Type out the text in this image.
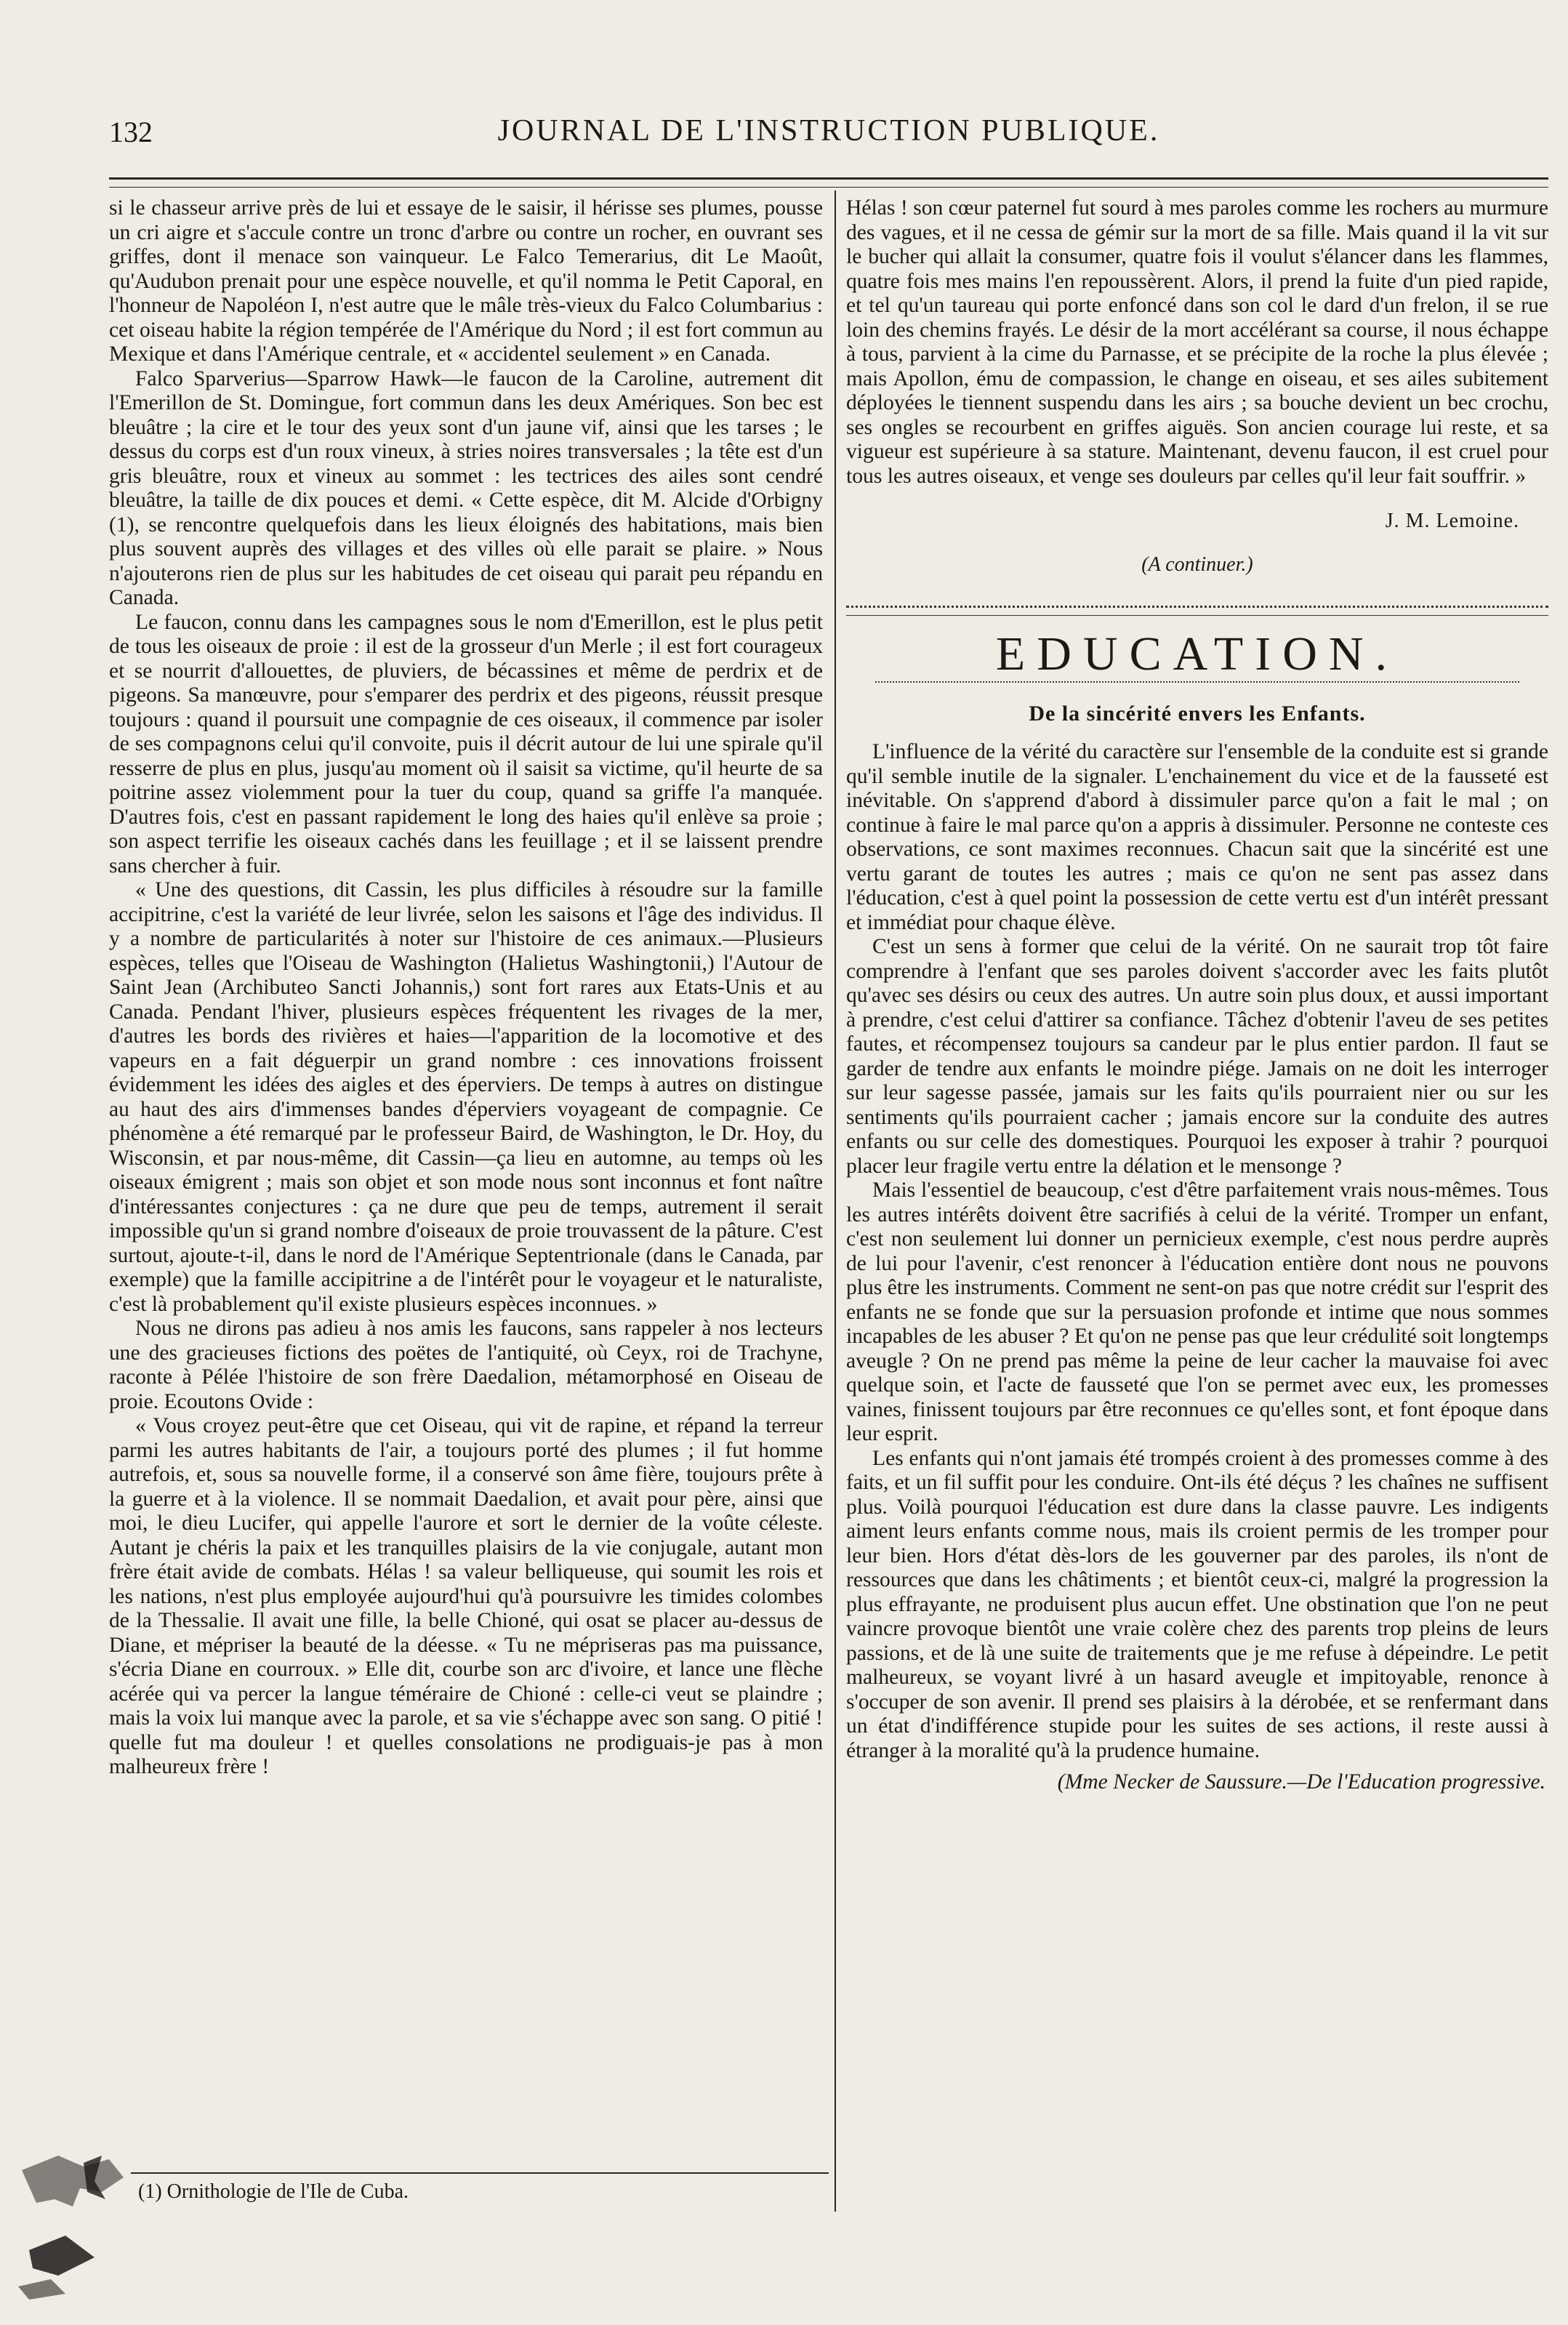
132	JOURNAL DE L'INSTRUCTION PUBLIQUE.

si le chasseur arrive près de lui et essaye de le saisir, il hérisse ses plumes, pousse un cri aigre et s'accule contre un tronc d'arbre ou contre un rocher, en ouvrant ses griffes, dont il menace son vainqueur. Le Falco Temerarius, dit Le Maoût, qu'Audubon prenait pour une espèce nouvelle, et qu'il nomma le Petit Caporal, en l'honneur de Napoléon I, n'est autre que le mâle très-vieux du Falco Columbarius : cet oiseau habite la région tempérée de l'Amérique du Nord ; il est fort commun au Mexique et dans l'Amérique centrale, et « accidentel seulement » en Canada.

Falco Sparverius—Sparrow Hawk—le faucon de la Caroline, autrement dit l'Emerillon de St. Domingue, fort commun dans les deux Amériques. Son bec est bleuâtre ; la cire et le tour des yeux sont d'un jaune vif, ainsi que les tarses ; le dessus du corps est d'un roux vineux, à stries noires transversales ; la tête est d'un gris bleuâtre, roux et vineux au sommet : les tectrices des ailes sont cendré bleuâtre, la taille de dix pouces et demi. « Cette espèce, dit M. Alcide d'Orbigny (1), se rencontre quelquefois dans les lieux éloignés des habitations, mais bien plus souvent auprès des villages et des villes où elle parait se plaire. » Nous n'ajouterons rien de plus sur les habitudes de cet oiseau qui parait peu répandu en Canada.

Le faucon, connu dans les campagnes sous le nom d'Emerillon, est le plus petit de tous les oiseaux de proie : il est de la grosseur d'un Merle ; il est fort courageux et se nourrit d'allouettes, de pluviers, de bécassines et même de perdrix et de pigeons. Sa manœuvre, pour s'emparer des perdrix et des pigeons, réussit presque toujours : quand il poursuit une compagnie de ces oiseaux, il commence par isoler de ses compagnons celui qu'il convoite, puis il décrit autour de lui une spirale qu'il resserre de plus en plus, jusqu'au moment où il saisit sa victime, qu'il heurte de sa poitrine assez violemment pour la tuer du coup, quand sa griffe l'a manquée. D'autres fois, c'est en passant rapidement le long des haies qu'il enlève sa proie ; son aspect terrifie les oiseaux cachés dans les feuillage ; et il se laissent prendre sans chercher à fuir.

« Une des questions, dit Cassin, les plus difficiles à résoudre sur la famille accipitrine, c'est la variété de leur livrée, selon les saisons et l'âge des individus. Il y a nombre de particularités à noter sur l'histoire de ces animaux.—Plusieurs espèces, telles que l'Oiseau de Washington (Halietus Washingtonii,) l'Autour de Saint Jean (Archibuteo Sancti Johannis,) sont fort rares aux Etats-Unis et au Canada. Pendant l'hiver, plusieurs espèces fréquentent les rivages de la mer, d'autres les bords des rivières et haies—l'apparition de la locomotive et des vapeurs en a fait déguerpir un grand nombre : ces innovations froissent évidemment les idées des aigles et des éperviers. De temps à autres on distingue au haut des airs d'immenses bandes d'éperviers voyageant de compagnie. Ce phénomène a été remarqué par le professeur Baird, de Washington, le Dr. Hoy, du Wisconsin, et par nous-même, dit Cassin—ça lieu en automne, au temps où les oiseaux émigrent ; mais son objet et son mode nous sont inconnus et font naître d'intéressantes conjectures : ça ne dure que peu de temps, autrement il serait impossible qu'un si grand nombre d'oiseaux de proie trouvassent de la pâture. C'est surtout, ajoute-t-il, dans le nord de l'Amérique Septentrionale (dans le Canada, par exemple) que la famille accipitrine a de l'intérêt pour le voyageur et le naturaliste, c'est là probablement qu'il existe plusieurs espèces inconnues. »

Nous ne dirons pas adieu à nos amis les faucons, sans rappeler à nos lecteurs une des gracieuses fictions des poëtes de l'antiquité, où Ceyx, roi de Trachyne, raconte à Pélée l'histoire de son frère Daedalion, métamorphosé en Oiseau de proie. Ecoutons Ovide :

« Vous croyez peut-être que cet Oiseau, qui vit de rapine, et répand la terreur parmi les autres habitants de l'air, a toujours porté des plumes ; il fut homme autrefois, et, sous sa nouvelle forme, il a conservé son âme fière, toujours prête à la guerre et à la violence. Il se nommait Daedalion, et avait pour père, ainsi que moi, le dieu Lucifer, qui appelle l'aurore et sort le dernier de la voûte céleste. Autant je chéris la paix et les tranquilles plaisirs de la vie conjugale, autant mon frère était avide de combats. Hélas ! sa valeur belliqueuse, qui soumit les rois et les nations, n'est plus employée aujourd'hui qu'à poursuivre les timides colombes de la Thessalie. Il avait une fille, la belle Chioné, qui osat se placer au-dessus de Diane, et mépriser la beauté de la déesse. « Tu ne mépriseras pas ma puissance, s'écria Diane en courroux. » Elle dit, courbe son arc d'ivoire, et lance une flèche acérée qui va percer la langue téméraire de Chioné : celle-ci veut se plaindre ; mais la voix lui manque avec la parole, et sa vie s'échappe avec son sang. O pitié ! quelle fut ma douleur ! et quelles consolations ne prodiguais-je pas à mon malheureux frère !

Hélas ! son cœur paternel fut sourd à mes paroles comme les rochers au murmure des vagues, et il ne cessa de gémir sur la mort de sa fille. Mais quand il la vit sur le bucher qui allait la consumer, quatre fois il voulut s'élancer dans les flammes, quatre fois mes mains l'en repoussèrent. Alors, il prend la fuite d'un pied rapide, et tel qu'un taureau qui porte enfoncé dans son col le dard d'un frelon, il se rue loin des chemins frayés. Le désir de la mort accélérant sa course, il nous échappe à tous, parvient à la cime du Parnasse, et se précipite de la roche la plus élevée ; mais Apollon, ému de compassion, le change en oiseau, et ses ailes subitement déployées le tiennent suspendu dans les airs ; sa bouche devient un bec crochu, ses ongles se recourbent en griffes aiguës. Son ancien courage lui reste, et sa vigueur est supérieure à sa stature. Maintenant, devenu faucon, il est cruel pour tous les autres oiseaux, et venge ses douleurs par celles qu'il leur fait souffrir. »

J. M. Lemoine.
(A continuer.)
EDUCATION.
De la sincérité envers les Enfants.

L'influence de la vérité du caractère sur l'ensemble de la conduite est si grande qu'il semble inutile de la signaler. L'enchainement du vice et de la fausseté est inévitable. On s'apprend d'abord à dissimuler parce qu'on a fait le mal ; on continue à faire le mal parce qu'on a appris à dissimuler. Personne ne conteste ces observations, ce sont maximes reconnues. Chacun sait que la sincérité est une vertu garant de toutes les autres ; mais ce qu'on ne sent pas assez dans l'éducation, c'est à quel point la possession de cette vertu est d'un intérêt pressant et immédiat pour chaque élève.

C'est un sens à former que celui de la vérité. On ne saurait trop tôt faire comprendre à l'enfant que ses paroles doivent s'accorder avec les faits plutôt qu'avec ses désirs ou ceux des autres. Un autre soin plus doux, et aussi important à prendre, c'est celui d'attirer sa confiance. Tâchez d'obtenir l'aveu de ses petites fautes, et récompensez toujours sa candeur par le plus entier pardon. Il faut se garder de tendre aux enfants le moindre piége. Jamais on ne doit les interroger sur leur sagesse passée, jamais sur les faits qu'ils pourraient nier ou sur les sentiments qu'ils pourraient cacher ; jamais encore sur la conduite des autres enfants ou sur celle des domestiques. Pourquoi les exposer à trahir ? pourquoi placer leur fragile vertu entre la délation et le mensonge ?

Mais l'essentiel de beaucoup, c'est d'être parfaitement vrais nous-mêmes. Tous les autres intérêts doivent être sacrifiés à celui de la vérité. Tromper un enfant, c'est non seulement lui donner un pernicieux exemple, c'est nous perdre auprès de lui pour l'avenir, c'est renoncer à l'éducation entière dont nous ne pouvons plus être les instruments. Comment ne sent-on pas que notre crédit sur l'esprit des enfants ne se fonde que sur la persuasion profonde et intime que nous sommes incapables de les abuser ? Et qu'on ne pense pas que leur crédulité soit longtemps aveugle ? On ne prend pas même la peine de leur cacher la mauvaise foi avec quelque soin, et l'acte de fausseté que l'on se permet avec eux, les promesses vaines, finissent toujours par être reconnues ce qu'elles sont, et font époque dans leur esprit.

Les enfants qui n'ont jamais été trompés croient à des promesses comme à des faits, et un fil suffit pour les conduire. Ont-ils été déçus ? les chaînes ne suffisent plus. Voilà pourquoi l'éducation est dure dans la classe pauvre. Les indigents aiment leurs enfants comme nous, mais ils croient permis de les tromper pour leur bien. Hors d'état dès-lors de les gouverner par des paroles, ils n'ont de ressources que dans les châtiments ; et bientôt ceux-ci, malgré la progression la plus effrayante, ne produisent plus aucun effet. Une obstination que l'on ne peut vaincre provoque bientôt une vraie colère chez des parents trop pleins de leurs passions, et de là une suite de traitements que je me refuse à dépeindre. Le petit malheureux, se voyant livré à un hasard aveugle et impitoyable, renonce à s'occuper de son avenir. Il prend ses plaisirs à la dérobée, et se renfermant dans un état d'indifférence stupide pour les suites de ses actions, il reste aussi à étranger à la moralité qu'à la prudence humaine.

(Mme Necker de Saussure.—De l'Education progressive.
(1) Ornithologie de l'Ile de Cuba.
